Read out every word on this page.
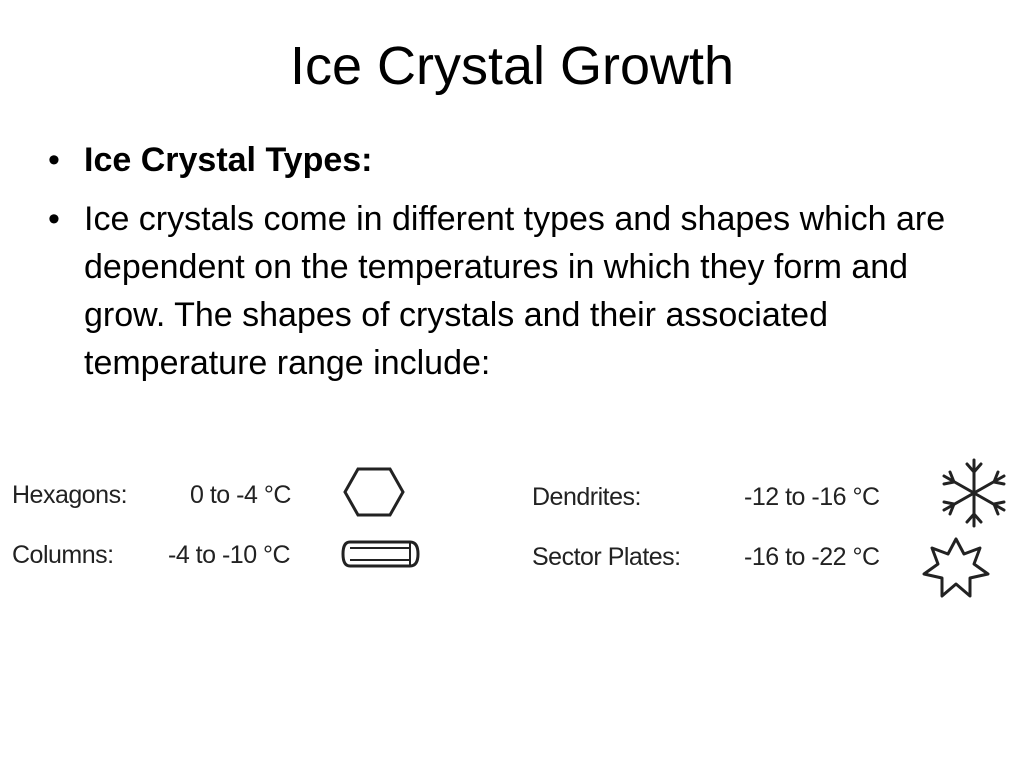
Ice Crystal Growth
• Ice Crystal Types:
• Ice crystals come in different types and shapes which are dependent on the temperatures in which they form and grow. The shapes of crystals and their associated temperature range include:
Hexagons:	0 to -4 °C
Columns: -4 to -10 °C
Dendrites:	-12 to -16 °C
Sector Plates:	-16 to -22 °C
